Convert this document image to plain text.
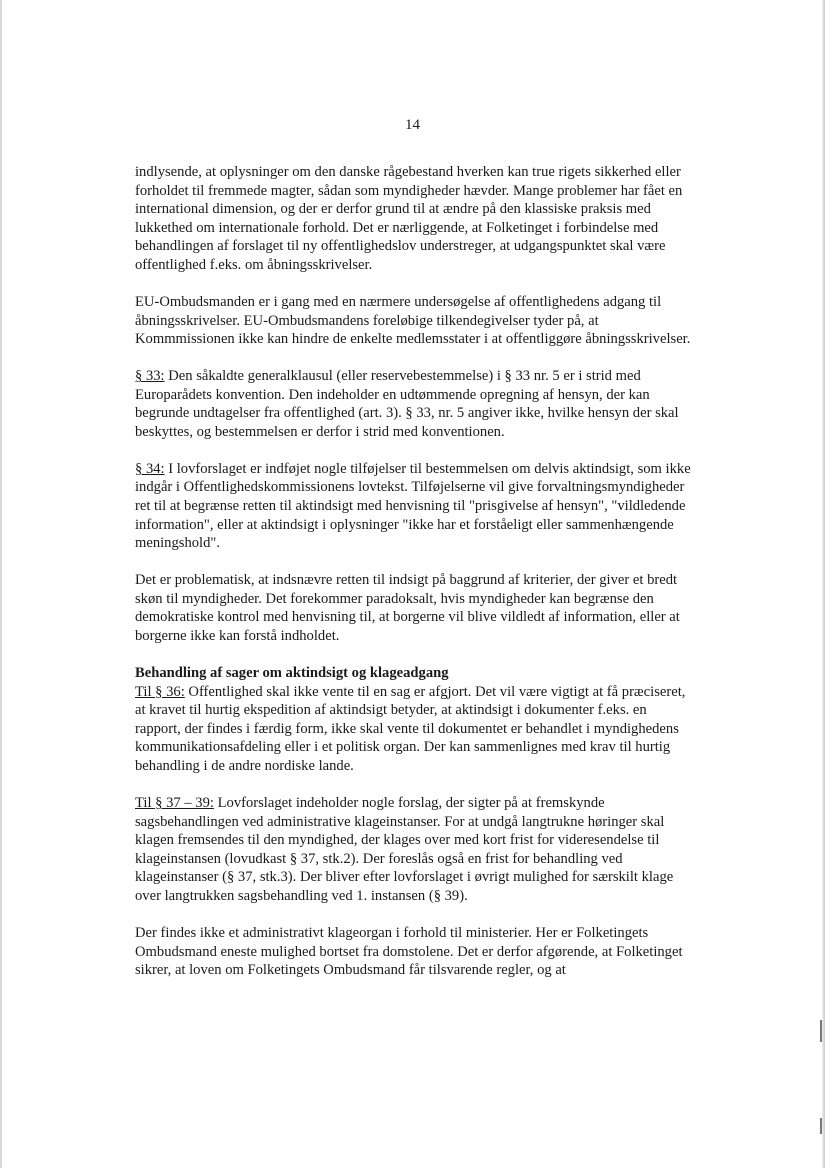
14

indlysende, at oplysninger om den danske rågebestand hverken kan true rigets sikkerhed eller forholdet til fremmede magter, sådan som myndigheder hævder. Mange problemer har fået en international dimension, og der er derfor grund til at ændre på den klassiske praksis med lukkethed om internationale forhold. Det er nærliggende, at Folketinget i forbindelse med behandlingen af forslaget til ny offentlighedslov understreger, at udgangspunktet skal være offentlighed f.eks. om åbningsskrivelser.

EU-Ombudsmanden er i gang med en nærmere undersøgelse af offentlighedens adgang til åbningsskrivelser. EU-Ombudsmandens foreløbige tilkendegivelser tyder på, at Kommmissionen ikke kan hindre de enkelte medlemsstater i at offentliggøre åbningsskrivelser.

§ 33: Den såkaldte generalklausul (eller reservebestemmelse) i § 33 nr. 5 er i strid med Europarådets konvention. Den indeholder en udtømmende opregning af hensyn, der kan begrunde undtagelser fra offentlighed (art. 3). § 33, nr. 5 angiver ikke, hvilke hensyn der skal beskyttes, og bestemmelsen er derfor i strid med konventionen.

§ 34: I lovforslaget er indføjet nogle tilføjelser til bestemmelsen om delvis aktindsigt, som ikke indgår i Offentlighedskommissionens lovtekst. Tilføjelserne vil give forvaltningsmyndigheder ret til at begrænse retten til aktindsigt med henvisning til "prisgivelse af hensyn", "vildledende information", eller at aktindsigt i oplysninger "ikke har et forståeligt eller sammenhængende meningshold".

Det er problematisk, at indsnævre retten til indsigt på baggrund af kriterier, der giver et bredt skøn til myndigheder. Det forekommer paradoksalt, hvis myndigheder kan begrænse den demokratiske kontrol med henvisning til, at borgerne vil blive vildledt af information, eller at borgerne ikke kan forstå indholdet.

Behandling af sager om aktindsigt og klageadgang

Til § 36: Offentlighed skal ikke vente til en sag er afgjort. Det vil være vigtigt at få præciseret, at kravet til hurtig ekspedition af aktindsigt betyder, at aktindsigt i dokumenter f.eks. en rapport, der findes i færdig form, ikke skal vente til dokumentet er behandlet i myndighedens kommunikationsafdeling eller i et politisk organ. Der kan sammenlignes med krav til hurtig behandling i de andre nordiske lande.

Til § 37 – 39: Lovforslaget indeholder nogle forslag, der sigter på at fremskynde sagsbehandlingen ved administrative klageinstanser. For at undgå langtrukne høringer skal klagen fremsendes til den myndighed, der klages over med kort frist for videresendelse til klageinstansen (lovudkast § 37, stk.2). Der foreslås også en frist for behandling ved klageinstanser (§ 37, stk.3). Der bliver efter lovforslaget i øvrigt mulighed for særskilt klage over langtrukken sagsbehandling ved 1. instansen (§ 39).

Der findes ikke et administrativt klageorgan i forhold til ministerier. Her er Folketingets Ombudsmand eneste mulighed bortset fra domstolene. Det er derfor afgørende, at Folketinget sikrer, at loven om Folketingets Ombudsmand får tilsvarende regler, og at
